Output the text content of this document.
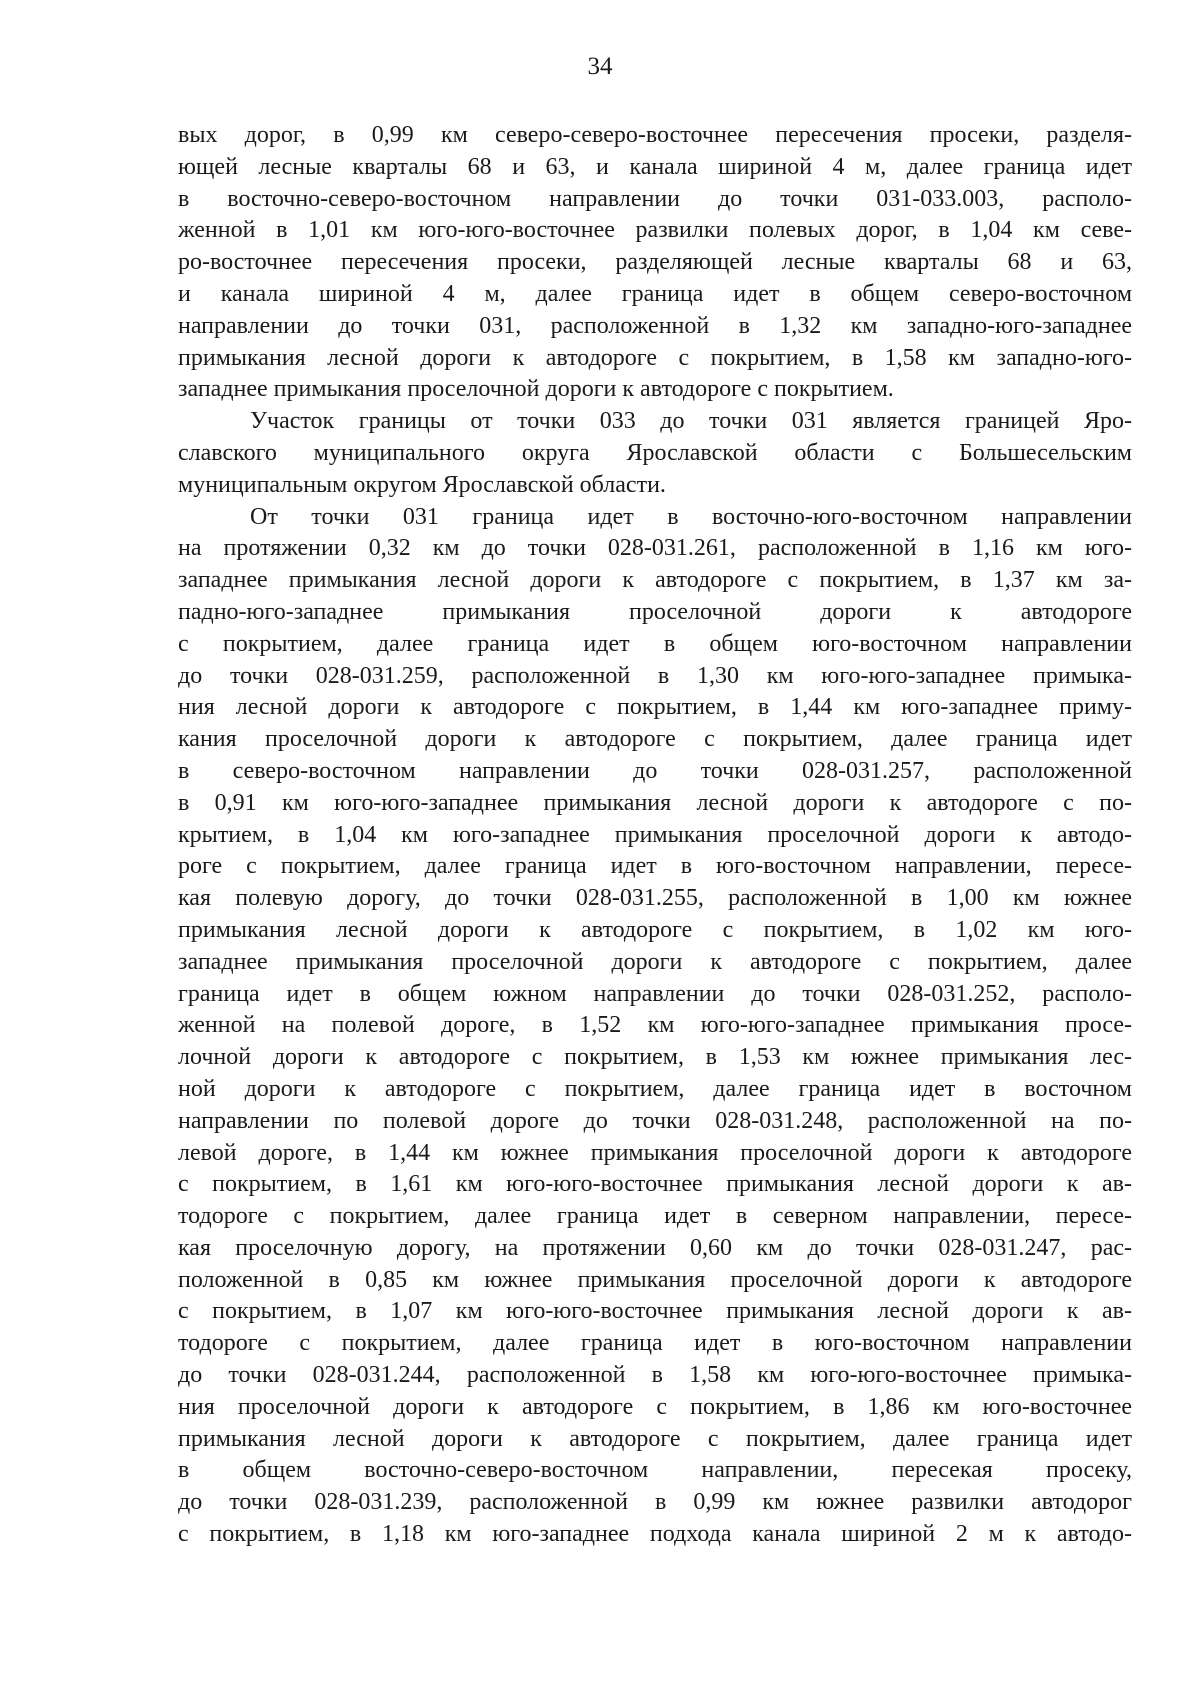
34
вых дорог, в 0,99 км северо-северо-восточнее пересечения просеки, разделя-
ющей лесные кварталы 68 и 63, и канала шириной 4 м, далее граница идет
в восточно-северо-восточном направлении до точки 031-033.003, располо-
женной в 1,01 км юго-юго-восточнее развилки полевых дорог, в 1,04 км севе-
ро-восточнее пересечения просеки, разделяющей лесные кварталы 68 и 63,
и канала шириной 4 м, далее граница идет в общем северо-восточном
направлении до точки 031, расположенной в 1,32 км западно-юго-западнее
примыкания лесной дороги к автодороге с покрытием, в 1,58 км западно-юго-
западнее примыкания проселочной дороги к автодороге с покрытием.
Участок границы от точки 033 до точки 031 является границей Яро-
славского муниципального округа Ярославской области с Большесельским
муниципальным округом Ярославской области.
От точки 031 граница идет в восточно-юго-восточном направлении
на протяжении 0,32 км до точки 028-031.261, расположенной в 1,16 км юго-
западнее примыкания лесной дороги к автодороге с покрытием, в 1,37 км за-
падно-юго-западнее примыкания проселочной дороги к автодороге
с покрытием, далее граница идет в общем юго-восточном направлении
до точки 028-031.259, расположенной в 1,30 км юго-юго-западнее примыка-
ния лесной дороги к автодороге с покрытием, в 1,44 км юго-западнее приму-
кания проселочной дороги к автодороге с покрытием, далее граница идет
в северо-восточном направлении до точки 028-031.257, расположенной
в 0,91 км юго-юго-западнее примыкания лесной дороги к автодороге с по-
крытием, в 1,04 км юго-западнее примыкания проселочной дороги к автодо-
роге с покрытием, далее граница идет в юго-восточном направлении, пересе-
кая полевую дорогу, до точки 028-031.255, расположенной в 1,00 км южнее
примыкания лесной дороги к автодороге с покрытием, в 1,02 км юго-
западнее примыкания проселочной дороги к автодороге с покрытием, далее
граница идет в общем южном направлении до точки 028-031.252, располо-
женной на полевой дороге, в 1,52 км юго-юго-западнее примыкания просе-
лочной дороги к автодороге с покрытием, в 1,53 км южнее примыкания лес-
ной дороги к автодороге с покрытием, далее граница идет в восточном
направлении по полевой дороге до точки 028-031.248, расположенной на по-
левой дороге, в 1,44 км южнее примыкания проселочной дороги к автодороге
с покрытием, в 1,61 км юго-юго-восточнее примыкания лесной дороги к ав-
тодороге с покрытием, далее граница идет в северном направлении, пересе-
кая проселочную дорогу, на протяжении 0,60 км до точки 028-031.247, рас-
положенной в 0,85 км южнее примыкания проселочной дороги к автодороге
с покрытием, в 1,07 км юго-юго-восточнее примыкания лесной дороги к ав-
тодороге с покрытием, далее граница идет в юго-восточном направлении
до точки 028-031.244, расположенной в 1,58 км юго-юго-восточнее примыка-
ния проселочной дороги к автодороге с покрытием, в 1,86 км юго-восточнее
примыкания лесной дороги к автодороге с покрытием, далее граница идет
в общем восточно-северо-восточном направлении, пересекая просеку,
до точки 028-031.239, расположенной в 0,99 км южнее развилки автодорог
с покрытием, в 1,18 км юго-западнее подхода канала шириной 2 м к автодо-
